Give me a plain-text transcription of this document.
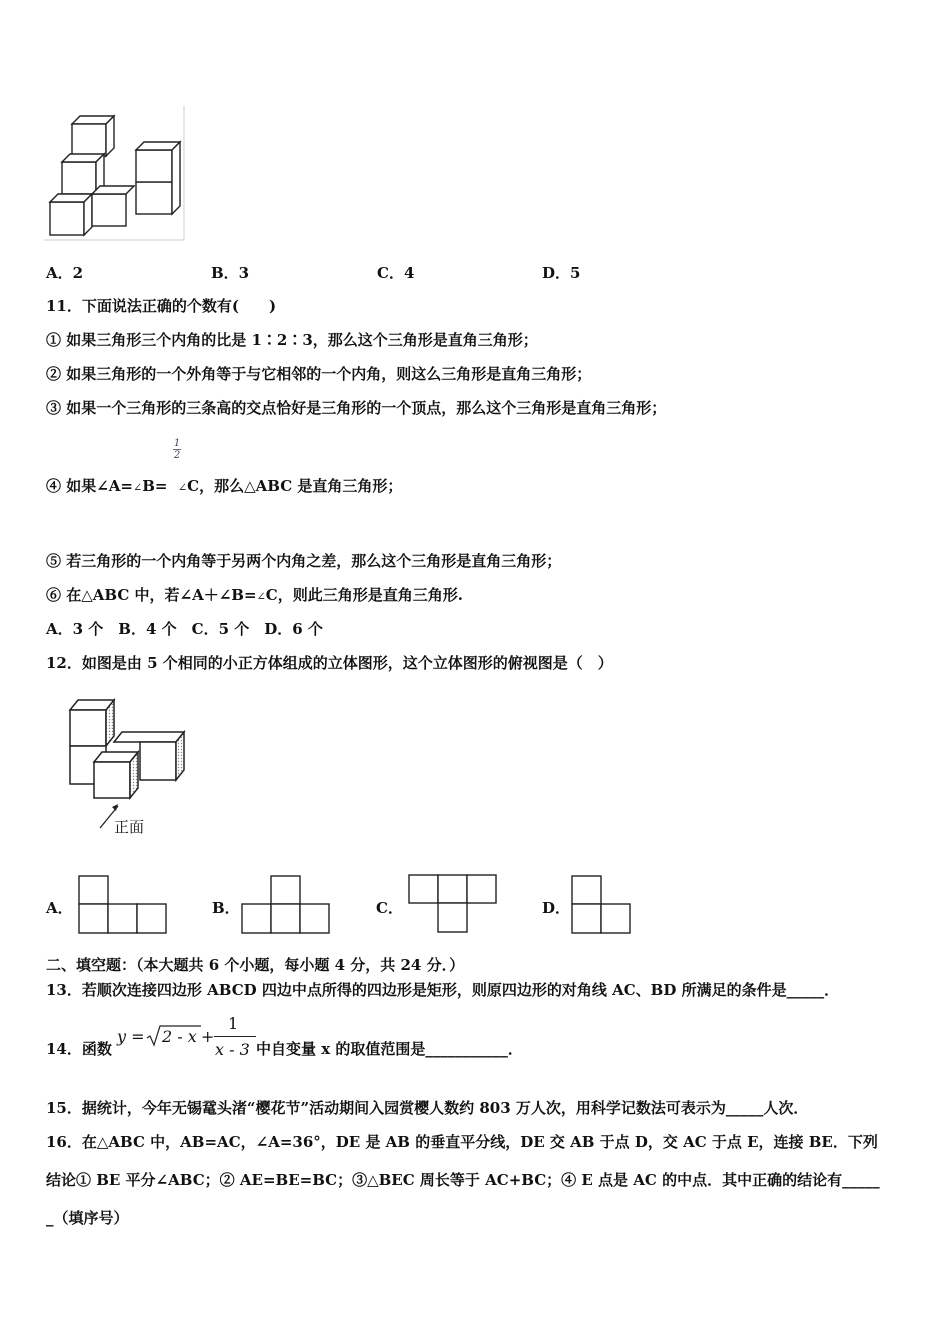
A．2	B．3	C．4	D．5
11．下面说法正确的个数有(　　)
① 如果三角形三个内角的比是 1∶2∶3，那么这个三角形是直角三角形；
② 如果三角形的一个外角等于与它相邻的一个内角，则这么三角形是直角三角形；
③ 如果一个三角形的三条高的交点恰好是三角形的一个顶点，那么这个三角形是直角三角形；
1
2
④ 如果∠A=∠B= ∠C，那么△ABC 是直角三角形；
⑤ 若三角形的一个内角等于另两个内角之差，那么这个三角形是直角三角形；
⑥ 在△ABC 中，若∠A＋∠B=∠C，则此三角形是直角三角形.
A．3 个　B．4 个　C．5 个　D．6 个
12．如图是由 5 个相同的小正方体组成的立体图形，这个立体图形的俯视图是（　）
正面
A．	B．	C．	D．
二、填空题：（本大题共 6 个小题，每小题 4 分，共 24 分．）
13．若顺次连接四边形 ABCD 四边中点所得的四边形是矩形，则原四边形的对角线 AC、BD 所满足的条件是_____．
14．函数
y = 2 - x +
1
x - 3 中自变量 x 的取值范围是___________．
15．据统计，今年无锡鼋头渚“樱花节”活动期间入园赏樱人数约 803 万人次，用科学记数法可表示为_____人次．
16．在△ABC 中，AB=AC，∠A=36°，DE 是 AB 的垂直平分线，DE 交 AB 于点 D，交 AC 于点 E，连接 BE．下列
结论① BE 平分∠ABC；② AE=BE=BC；③△BEC 周长等于 AC+BC；④ E 点是 AC 的中点．其中正确的结论有_____
_（填序号）
